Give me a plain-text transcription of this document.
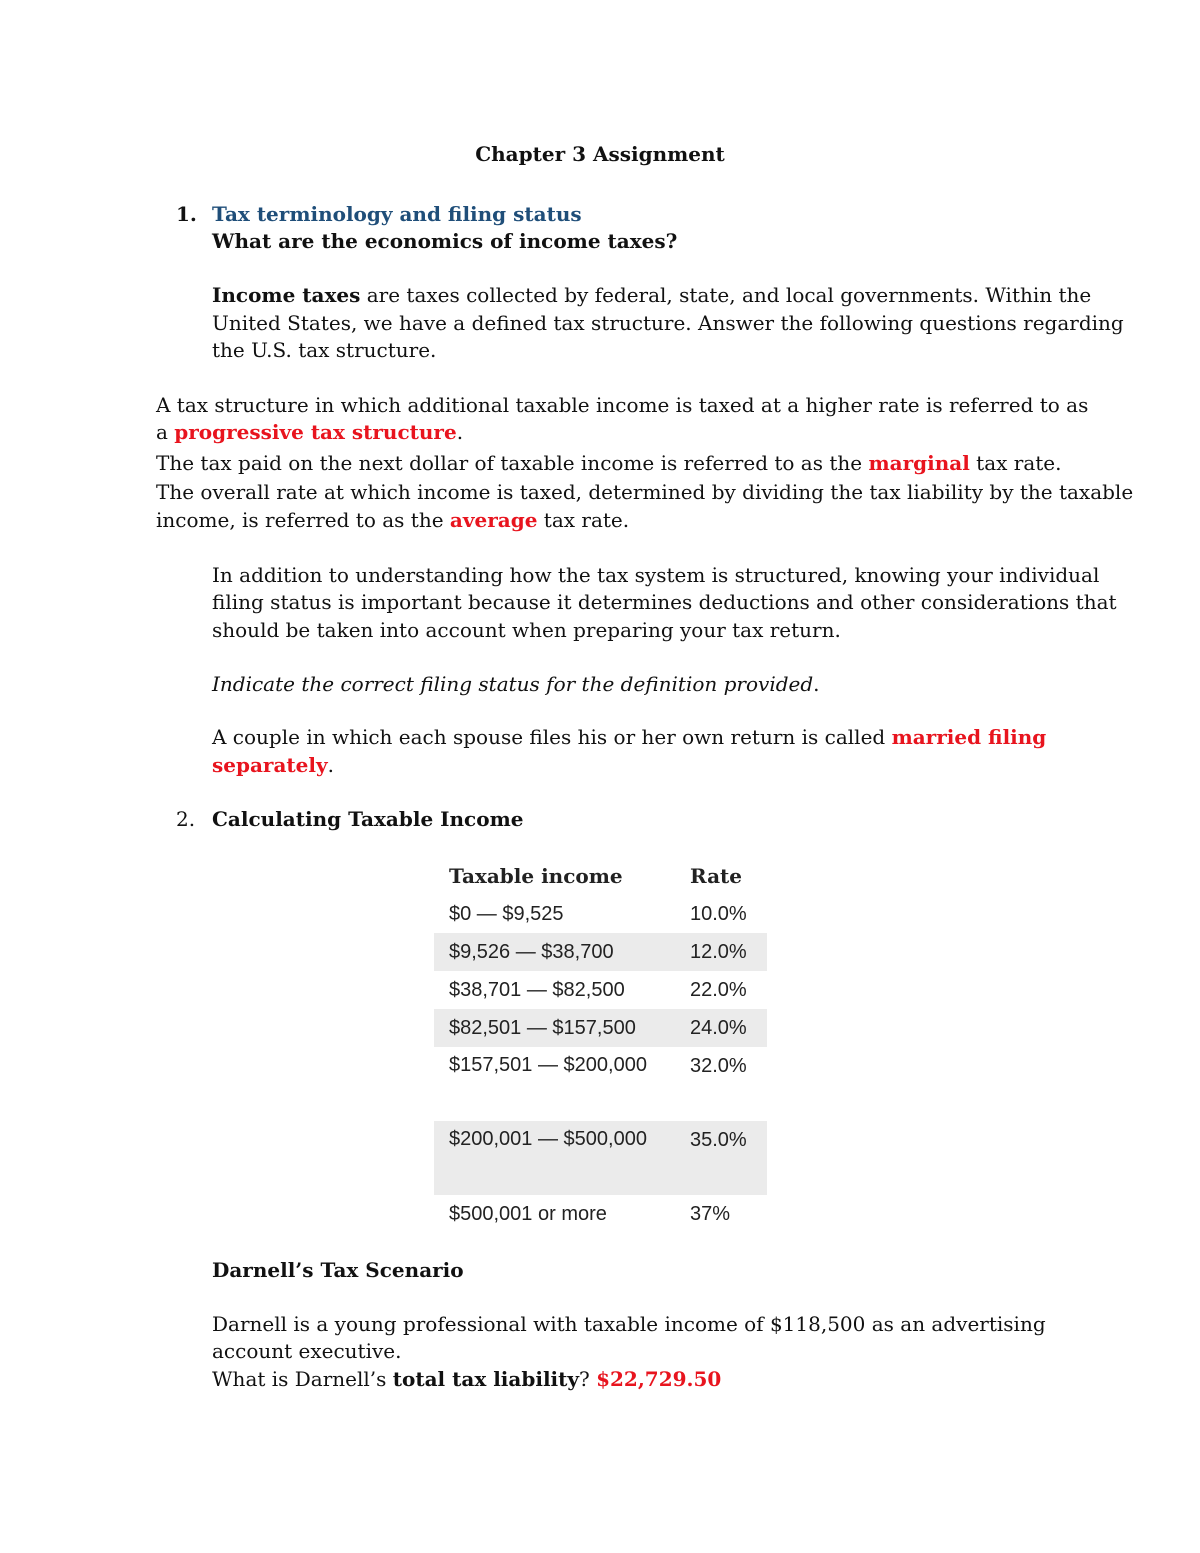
Chapter 3 Assignment
1. Tax terminology and filing status
What are the economics of income taxes?
Income taxes are taxes collected by federal, state, and local governments. Within the
United States, we have a defined tax structure. Answer the following questions regarding
the U.S. tax structure.
A tax structure in which additional taxable income is taxed at a higher rate is referred to as
a progressive tax structure.
The tax paid on the next dollar of taxable income is referred to as the marginal tax rate.
The overall rate at which income is taxed, determined by dividing the tax liability by the taxable
income, is referred to as the average tax rate.
In addition to understanding how the tax system is structured, knowing your individual
filing status is important because it determines deductions and other considerations that
should be taken into account when preparing your tax return.
Indicate the correct filing status for the definition provided.
A couple in which each spouse files his or her own return is called married filing
separately.
2. Calculating Taxable Income
Taxable income	Rate
$0 — $9,525	10.0%
$9,526 — $38,700	12.0%
$38,701 — $82,500	22.0%
$82,501 — $157,500	24.0%
$157,501 — $200,000	32.0%
$200,001 — $500,000	35.0%
$500,001 or more	37%
Darnell’s Tax Scenario
Darnell is a young professional with taxable income of $118,500 as an advertising
account executive.
What is Darnell’s total tax liability? $22,729.50
